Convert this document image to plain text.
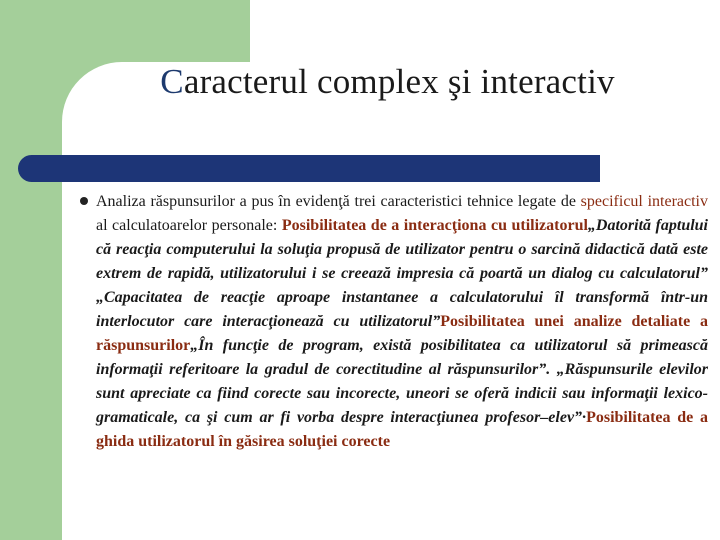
Caracterul complex şi interactiv
Analiza răspunsurilor a pus în evidenţă trei caracteristici tehnice legate de specificul interactiv al calculatoarelor personale: Posibilitatea de a interacţiona cu utilizatorul„Datorită faptului că reacţia computerului la soluţia propusă de utilizator pentru o sarcină didactică dată este extrem de rapidă, utilizatorului i se creează impresia că poartă un dialog cu calculatorul” „Capacitatea de reacţie aproape instantanee a calculatorului îl transformă într-un interlocutor care interacţionează cu utilizatorul”Posibilitatea unei analize detaliate a răspunsurilor„În funcţie de program, există posibilitatea ca utilizatorul să primească informaţii referitoare la gradul de corectitudine al răspunsurilor”. „Răspunsurile elevilor sunt apreciate ca fiind corecte sau incorecte, uneori se oferă indicii sau informaţii lexico-gramaticale, ca şi cum ar fi vorba despre interacţiunea profesor–elev”·Posibilitatea de a ghida utilizatorul în găsirea soluţiei corecte
